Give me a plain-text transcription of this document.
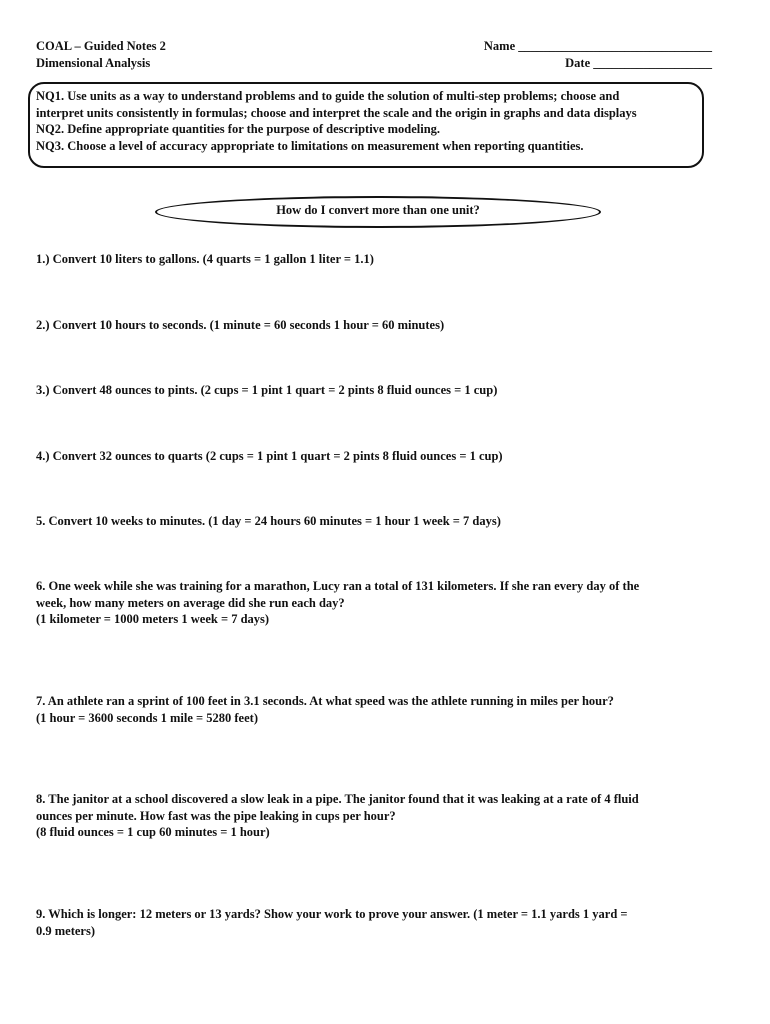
COAL – Guided Notes 2
Dimensional Analysis
Name _______________________________
Date ___________________
NQ1. Use units as a way to understand problems and to guide the solution of multi-step problems; choose and
interpret units consistently in formulas; choose and interpret the scale and the origin in graphs and data displays
NQ2. Define appropriate quantities for the purpose of descriptive modeling.
NQ3. Choose a level of accuracy appropriate to limitations on measurement when reporting quantities.
How do I convert more than one unit?
1.) Convert 10 liters to gallons. (4 quarts = 1 gallon 1 liter = 1.1)
2.) Convert 10 hours to seconds. (1 minute = 60 seconds 1 hour = 60 minutes)
3.) Convert 48 ounces to pints. (2 cups = 1 pint 1 quart = 2 pints 8 fluid ounces = 1 cup)
4.) Convert 32 ounces to quarts (2 cups = 1 pint 1 quart = 2 pints 8 fluid ounces = 1 cup)
5. Convert 10 weeks to minutes. (1 day = 24 hours 60 minutes = 1 hour 1 week = 7 days)
6. One week while she was training for a marathon, Lucy ran a total of 131 kilometers. If she ran every day of the
week, how many meters on average did she run each day?
(1 kilometer = 1000 meters 1 week = 7 days)
7. An athlete ran a sprint of 100 feet in 3.1 seconds. At what speed was the athlete running in miles per hour?
(1 hour = 3600 seconds 1 mile = 5280 feet)
8. The janitor at a school discovered a slow leak in a pipe. The janitor found that it was leaking at a rate of 4 fluid
ounces per minute. How fast was the pipe leaking in cups per hour?
(8 fluid ounces = 1 cup 60 minutes = 1 hour)
9. Which is longer: 12 meters or 13 yards? Show your work to prove your answer. (1 meter = 1.1 yards 1 yard =
0.9 meters)
